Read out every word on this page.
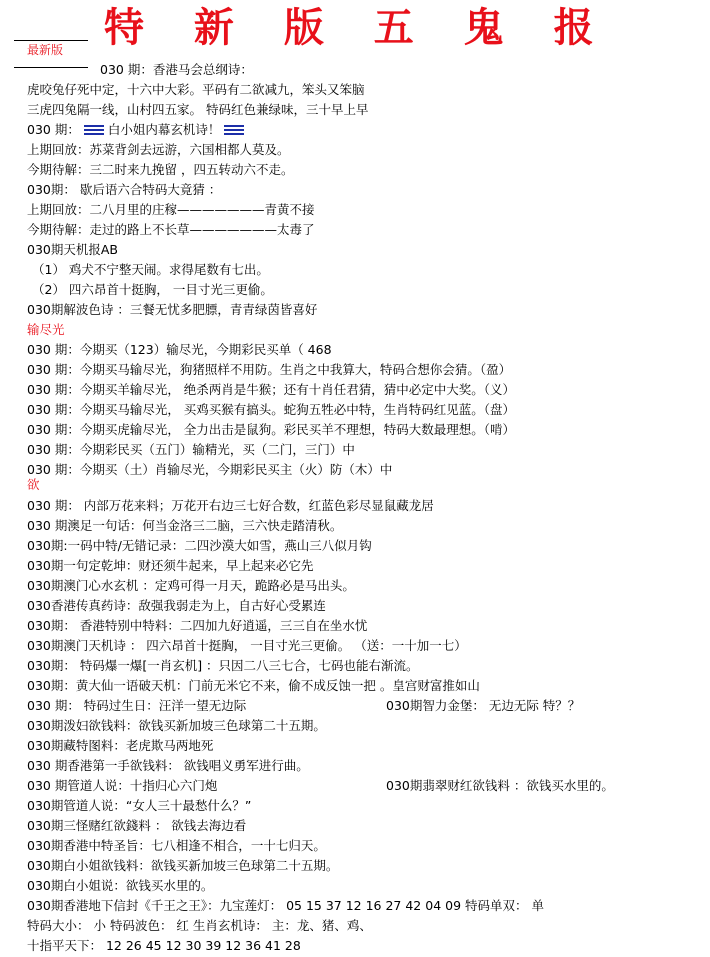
最新版 特 新 版 五 鬼 报
030 期：香港马会总纲诗：
虎咬兔仔死中定，十六中大彩。平码有二欲减九，笨头又笨脑
三虎四兔隔一线，山村四五家。 特码红色兼绿味，三十早上早
030 期： 白小姐内幕玄机诗！
上期回放：苏菜背剑去远游，六国相都人莫及。
今期待解：三二时来九挽留 ，四五转动六不走。
030期： 歇后语六合特码大竟猜 ：
上期回放：二八月里的庄稼———————青黄不接
今期待解：走过的路上不长草———————太毒了
030期天机报AB
（1） 鸡犬不宁整天闹。求得尾数有七出。
（2） 四六昂首十挺胸， 一目寸光三更偷。
030期解波色诗 ：三餐无忧多肥膘，青青绿茵皆喜好
输尽光
030 期：今期买（123）输尽光，今期彩民买单（ 468
030 期：今期买马输尽光，狗猪照样不用防。生肖之中我算大，特码合想你会猜。（盈）
030 期：今期买羊输尽光， 绝杀两肖是牛猴；还有十肖任君猜，猜中必定中大奖。（义）
030 期：今期买马输尽光， 买鸡买猴有搞头。蛇狗五牲必中特，生肖特码红见蓝。（盘）
030 期：今期买虎输尽光， 全力出击是鼠狗。彩民买羊不理想，特码大数最理想。（啃）
030 期：今期彩民买（五门）输精光，买（二门，三门）中
030 期：今期买（土）肖输尽光，今期彩民买主（火）防（木）中
欲
030 期： 内部万花来料；万花开右边三七好合数，红蓝色彩尽显鼠藏龙居
030 期澳足一句话：何当金洛三二脑，三六快走踏清秋。
030期:一码中特/无错记录：二四沙漠大如雪，燕山三八似月钩
030期一句定乾坤：财还须牛起来，早上起来必它先
030期澳门心水玄机 ：定鸡可得一月天，跪路必是马出头。
030香港传真药诗：敌强我弱走为上，自古好心受累连
030期： 香港特别中特料：二四加九好逍遥，三三自在坐水忧
030期澳门天机诗 ： 四六昂首十挺胸， 一目寸光三更偷。 （送：一十加一七）
030期： 特码爆一爆[一肖玄机] ：只因二八三七合，七码也能右渐流。
030期：黄大仙一语破天机：门前无米它不来，偷不成反蚀一把 。皇宫财富推如山
030 期： 特码过生日：汪洋一望无边际	030期智力金堡： 无边无际 特？？
030期泼妇欲钱料：欲钱买新加坡三色球第二十五期。
030期藏特图料：老虎欺马两地死
030 期香港第一手欲钱料： 欲钱唱义勇军进行曲。
030 期管道人说：十指归心六门炮	030期翡翠财红欲钱料 ：欲钱买水里的。
030期管道人说：“女人三十最愁什么？”
030期三怪赌红欲錢料 ： 欲钱去海边看
030期香港中特圣旨：七八相逢不相合，一十七归天。
030期白小姐欲钱料：欲钱买新加坡三色球第二十五期。
030期白小姐说：欲钱买水里的。
030期香港地下信封《千王之王》：九宝莲灯： 05 15 37 12 16 27 42 04 09 特码单双： 单
特码大小： 小 特码波色： 红 生肖玄机诗： 主：龙、猪、鸡、
十指平天下： 12 26 45 12 30 39 12 36 41 28
